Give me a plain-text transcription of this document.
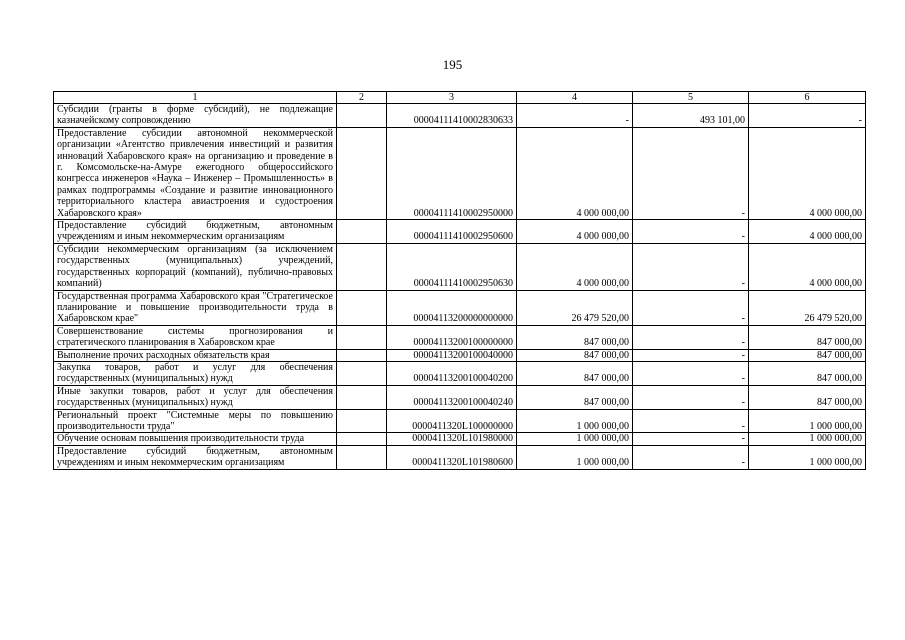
195
1	2	3	4	5	6
Субсидии (гранты в форме субсидий), не подлежащие казначейскому сопровождению		00004111410002830633	-	493 101,00	-
Предоставление субсидии автономной некоммерческой организации «Агентство привлечения инвестиций и развития инноваций Хабаровского края» на организацию и проведение в г. Комсомольске-на-Амуре ежегодного общероссийского конгресса инженеров «Наука – Инженер – Промышленность» в рамках подпрограммы «Создание и развитие инновационного территориального кластера авиастроения и судостроения Хабаровского края»		00004111410002950000	4 000 000,00	-	4 000 000,00
Предоставление субсидий бюджетным, автономным учреждениям и иным некоммерческим организациям		00004111410002950600	4 000 000,00	-	4 000 000,00
Субсидии некоммерческим организациям (за исключением государственных (муниципальных) учреждений, государственных корпораций (компаний), публично-правовых компаний)		00004111410002950630	4 000 000,00	-	4 000 000,00
Государственная программа Хабаровского края "Стратегическое планирование и повышение производительности труда в Хабаровском крае"		00004113200000000000	26 479 520,00	-	26 479 520,00
Совершенствование системы прогнозирования и стратегического планирования в Хабаровском крае		00004113200100000000	847 000,00	-	847 000,00
Выполнение прочих расходных обязательств края		00004113200100040000	847 000,00	-	847 000,00
Закупка товаров, работ и услуг для обеспечения государственных (муниципальных) нужд		00004113200100040200	847 000,00	-	847 000,00
Иные закупки товаров, работ и услуг для обеспечения государственных (муниципальных) нужд		00004113200100040240	847 000,00	-	847 000,00
Региональный проект "Системные меры по повышению производительности труда"		0000411320L100000000	1 000 000,00	-	1 000 000,00
Обучение основам повышения производительности труда		0000411320L101980000	1 000 000,00	-	1 000 000,00
Предоставление субсидий бюджетным, автономным учреждениям и иным некоммерческим организациям		0000411320L101980600	1 000 000,00	-	1 000 000,00
